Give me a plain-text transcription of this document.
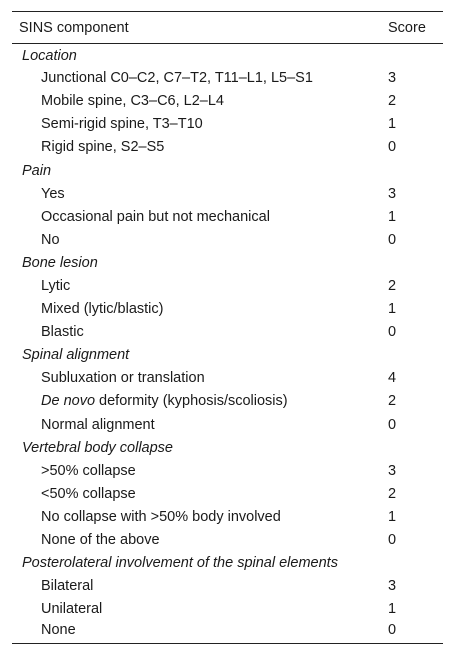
SINS component	Score
Location	
Junctional C0–C2, C7–T2, T11–L1, L5–S1	3
Mobile spine, C3–C6, L2–L4	2
Semi-rigid spine, T3–T10	1
Rigid spine, S2–S5	0
Pain	
Yes	3
Occasional pain but not mechanical	1
No	0
Bone lesion	
Lytic	2
Mixed (lytic/blastic)	1
Blastic	0
Spinal alignment	
Subluxation or translation	4
De novo deformity (kyphosis/scoliosis)	2
Normal alignment	0
Vertebral body collapse	
>50% collapse	3
<50% collapse	2
No collapse with >50% body involved	1
None of the above	0
Posterolateral involvement of the spinal elements	
Bilateral	3
Unilateral	1
None	0
